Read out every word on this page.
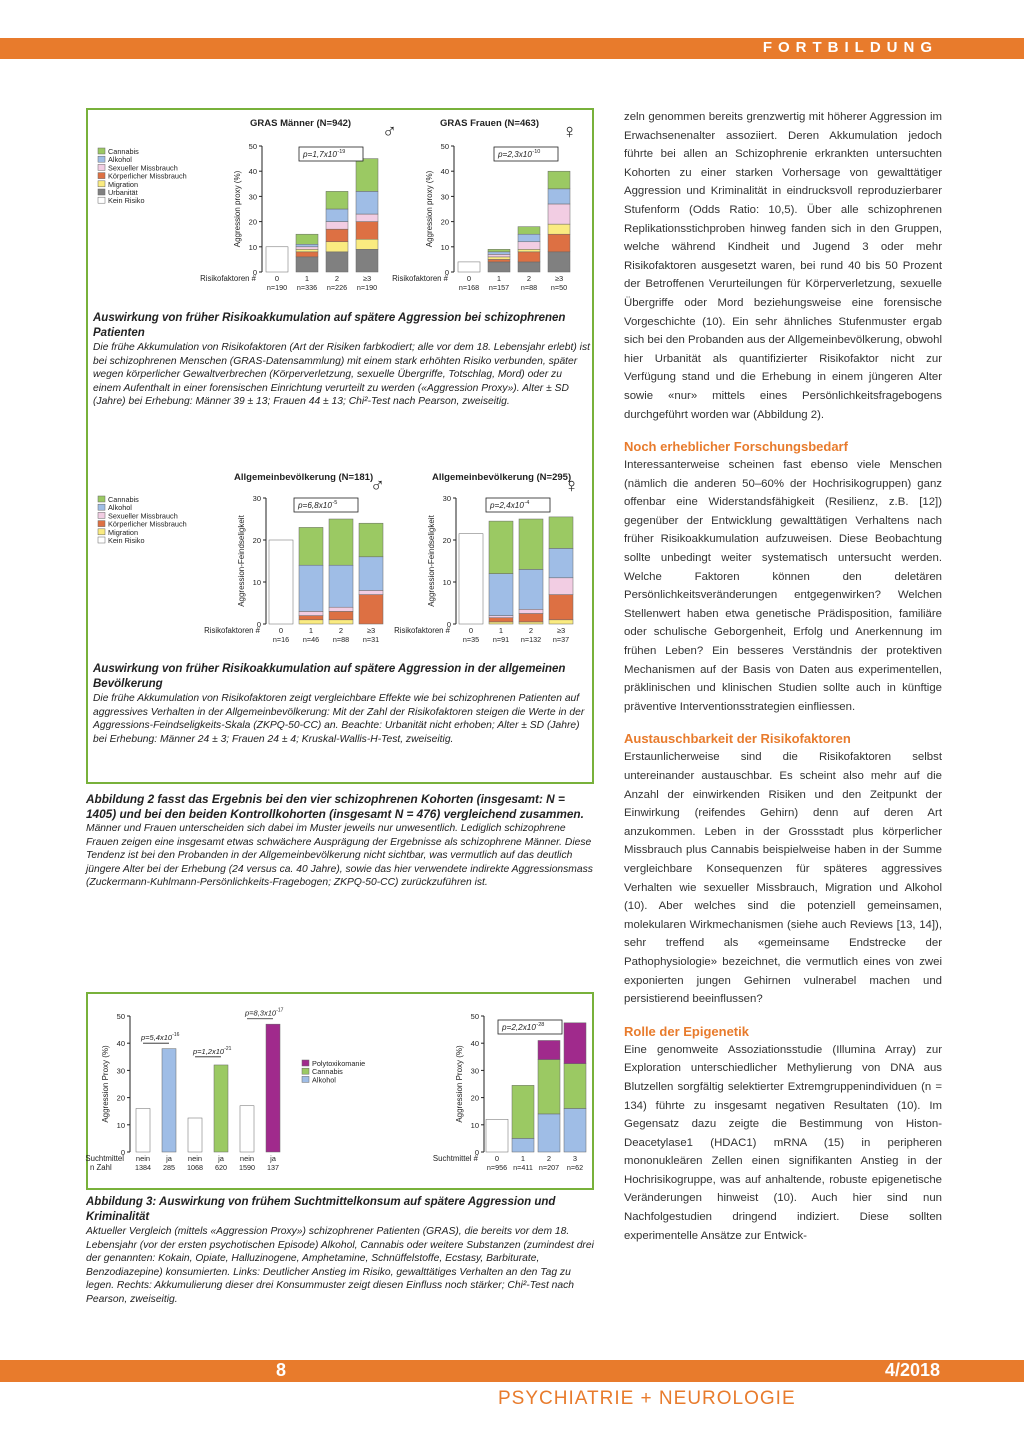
FORTBILDUNG
Cannabis
Alkohol
Sexueller Missbrauch
Körperlicher Missbrauch
Migration
Urbanität
Kein Risiko
GRAS Männer (N=942) ♂
0
10
20
30
40
50
Aggression proxy (%)
0
n=190
1
n=336
2
n=226
≥3
n=190
Risikofaktoren #
p=1,7x10 -19
GRAS Frauen (N=463) ♀
0
10
20
30
40
50
Aggression proxy (%)
0
n=168
1
n=157
2
n=88
≥3
n=50
Risikofaktoren #
p=2,3x10 -10
Auswirkung von früher Risikoakkumulation auf spätere Aggression bei schizophrenen Patienten
Die frühe Akkumulation von Risikofaktoren (Art der Risiken farbkodiert; alle vor dem 18. Lebensjahr erlebt) ist bei schizophrenen Menschen (GRAS-Datensammlung) mit einem stark erhöhten Risiko verbunden, später wegen körperlicher Gewaltverbrechen (Körperverletzung, sexuelle Übergriffe, Totschlag, Mord) oder zu einem Aufenthalt in einer forensischen Einrichtung verurteilt zu werden («Aggression Proxy»). Alter ± SD (Jahre) bei Erhebung: Männer 39 ± 13; Frauen 44 ± 13; Chi²-Test nach Pearson, zweiseitig.
Cannabis
Alkohol
Sexueller Missbrauch
Körperlicher Missbrauch
Migration
Kein Risiko
Allgemeinbevölkerung (N=181)
♂
0
10
20
30
Aggression-Feindseligkeit
0
n=16
1
n=46
2
n=88
≥3
n=31
Risikofaktoren #
p=6,8x10 -5
Allgemeinbevölkerung (N=295)
♀
0
10
20
30
Aggression-Feindseligkeit
0
n=35
1
n=91
2
n=132
≥3
n=37
Risikofaktoren #
p=2,4x10 -4
Auswirkung von früher Risikoakkumulation auf spätere Aggression in der allgemeinen Bevölkerung
Die frühe Akkumulation von Risikofaktoren zeigt vergleichbare Effekte wie bei schizophrenen Patienten auf aggressives Verhalten in der Allgemeinbevölkerung: Mit der Zahl der Risikofaktoren steigen die Werte in der Aggressions-Feindseligkeits-Skala (ZKPQ-50-CC) an. Beachte: Urbanität nicht erhoben; Alter ± SD (Jahre) bei Erhebung: Männer 24 ± 3; Frauen 24 ± 4; Kruskal-Wallis-H-Test, zweiseitig.
Abbildung 2 fasst das Ergebnis bei den vier schizophrenen Kohorten (insgesamt: N = 1405) und bei den beiden Kontrollkohorten (insgesamt N = 476) vergleichend zusammen.
Männer und Frauen unterscheiden sich dabei im Muster jeweils nur unwesentlich. Lediglich schizophrene Frauen zeigen eine insgesamt etwas schwächere Ausprägung der Ergebnisse als schizophrene Männer. Diese Tendenz ist bei den Probanden in der Allgemeinbevölkerung nicht sichtbar, was vermutlich auf das deutlich jüngere Alter bei der Erhebung (24 versus ca. 40 Jahre), sowie das hier verwendete indirekte Aggressionsmass (Zuckermann-Kuhlmann-Persönlichkeits-Fragebogen; ZKPQ-50-CC) zurückzuführen ist.
0
10
20
30
40
50
Aggression Proxy (%)
nein
1384
ja
285
nein
1068
ja
620
nein
1590
ja
137
Suchtmittel
n Zahl
0
10
20
30
40
50
Aggression Proxy (%)
0
n=956
1
n=411
2
n=207
3
n=62
Suchtmittel #
p=2,2x10 -28
Polytoxikomanie
Cannabis
Alkohol
p=5,4x10 -16
p=1,2x10 -21
p=8,3x10 -17
Abbildung 3: Auswirkung von frühem Suchtmittelkonsum auf spätere Aggression und Kriminalität
Aktueller Vergleich (mittels «Aggression Proxy») schizophrener Patienten (GRAS), die bereits vor dem 18. Lebensjahr (vor der ersten psychotischen Episode) Alkohol, Cannabis oder weitere Substanzen (zumindest drei der genannten: Kokain, Opiate, Halluzinogene, Amphetamine, Schnüffelstoffe, Ecstasy, Barbiturate, Benzodiazepine) konsumierten. Links: Deutlicher Anstieg im Risiko, gewalttätiges Verhalten an den Tag zu legen. Rechts: Akkumulierung dieser drei Konsummuster zeigt diesen Einfluss noch stärker; Chi²-Test nach Pearson, zweiseitig.

zeln genommen bereits grenzwertig mit höherer Aggression im Erwachsenenalter assoziiert. Deren Akkumulation jedoch führte bei allen an Schizophrenie erkrankten untersuchten Kohorten zu einer starken Vorhersage von gewalttätiger Aggression und Kriminalität in eindrucksvoll reproduzierbarer Stufenform (Odds Ratio: 10,5). Über alle schizophrenen Replikationsstichproben hinweg fanden sich in den Gruppen, welche während Kindheit und Jugend 3 oder mehr Risikofaktoren ausgesetzt waren, bei rund 40 bis 50 Prozent der Betroffenen Verurteilungen für Körperverletzung, sexuelle Übergriffe oder Mord beziehungsweise eine forensische Vorgeschichte (10). Ein sehr ähnliches Stufenmuster ergab sich bei den Probanden aus der Allgemeinbevölkerung, obwohl hier Urbanität als quantifizierter Risikofaktor nicht zur Verfügung stand und die Erhebung in einem jüngeren Alter sowie «nur» mittels eines Persönlichkeitsfragebogens durchgeführt worden war (Abbildung 2).

Noch erheblicher Forschungsbedarf

Interessanterweise scheinen fast ebenso viele Menschen (nämlich die anderen 50–60% der Hochrisikogruppen) ganz offenbar eine Widerstandsfähigkeit (Resilienz, z.B. [12]) gegenüber der Entwicklung gewalttätigen Verhaltens nach früher Risikoakkumulation aufzuweisen. Diese Beobachtung sollte unbedingt weiter systematisch untersucht werden. Welche Faktoren können den deletären Persönlichkeitsveränderungen entgegenwirken? Welchen Stellenwert haben etwa genetische Prädisposition, familiäre oder schulische Geborgenheit, Erfolg und Anerkennung im frühen Leben? Ein besseres Verständnis der protektiven Mechanismen auf der Basis von Daten aus experimentellen, präklinischen und klinischen Studien sollte auch in künftige präventive Interventionsstrategien einfliessen.

Austauschbarkeit der Risikofaktoren

Erstaunlicherweise sind die Risikofaktoren selbst untereinander austauschbar. Es scheint also mehr auf die Anzahl der einwirkenden Risiken und den Zeitpunkt der Einwirkung (reifendes Gehirn) denn auf deren Art anzukommen. Leben in der Grossstadt plus körperlicher Missbrauch plus Cannabis beispielweise haben in der Summe vergleichbare Konsequenzen für späteres aggressives Verhalten wie sexueller Missbrauch, Migration und Alkohol (10). Aber welches sind die potenziell gemeinsamen, molekularen Wirkmechanismen (siehe auch Reviews [13, 14]), sehr treffend als «gemeinsame Endstrecke der Pathophysiologie» bezeichnet, die vermutlich eines von zwei exponierten jungen Gehirnen vulnerabel machen und persistierend beeinflussen?

Rolle der Epigenetik

Eine genomweite Assoziationsstudie (Illumina Array) zur Exploration unterschiedlicher Methylierung von DNA aus Blutzellen sorgfältig selektierter Extremgruppenindividuen (n = 134) führte zu insgesamt negativen Resultaten (10). Im Gegensatz dazu zeigte die Bestimmung von Histon-Deacetylase1 (HDAC1) mRNA (15) in peripheren mononukleären Zellen einen signifikanten Anstieg in der Hochrisikogruppe, was auf anhaltende, robuste epigenetische Veränderungen hinweist (10). Auch hier sind nun Nachfolgestudien dringend indiziert. Diese sollten experimentelle Ansätze zur Entwick-

8	4/2018
PSYCHIATRIE + NEUROLOGIE
